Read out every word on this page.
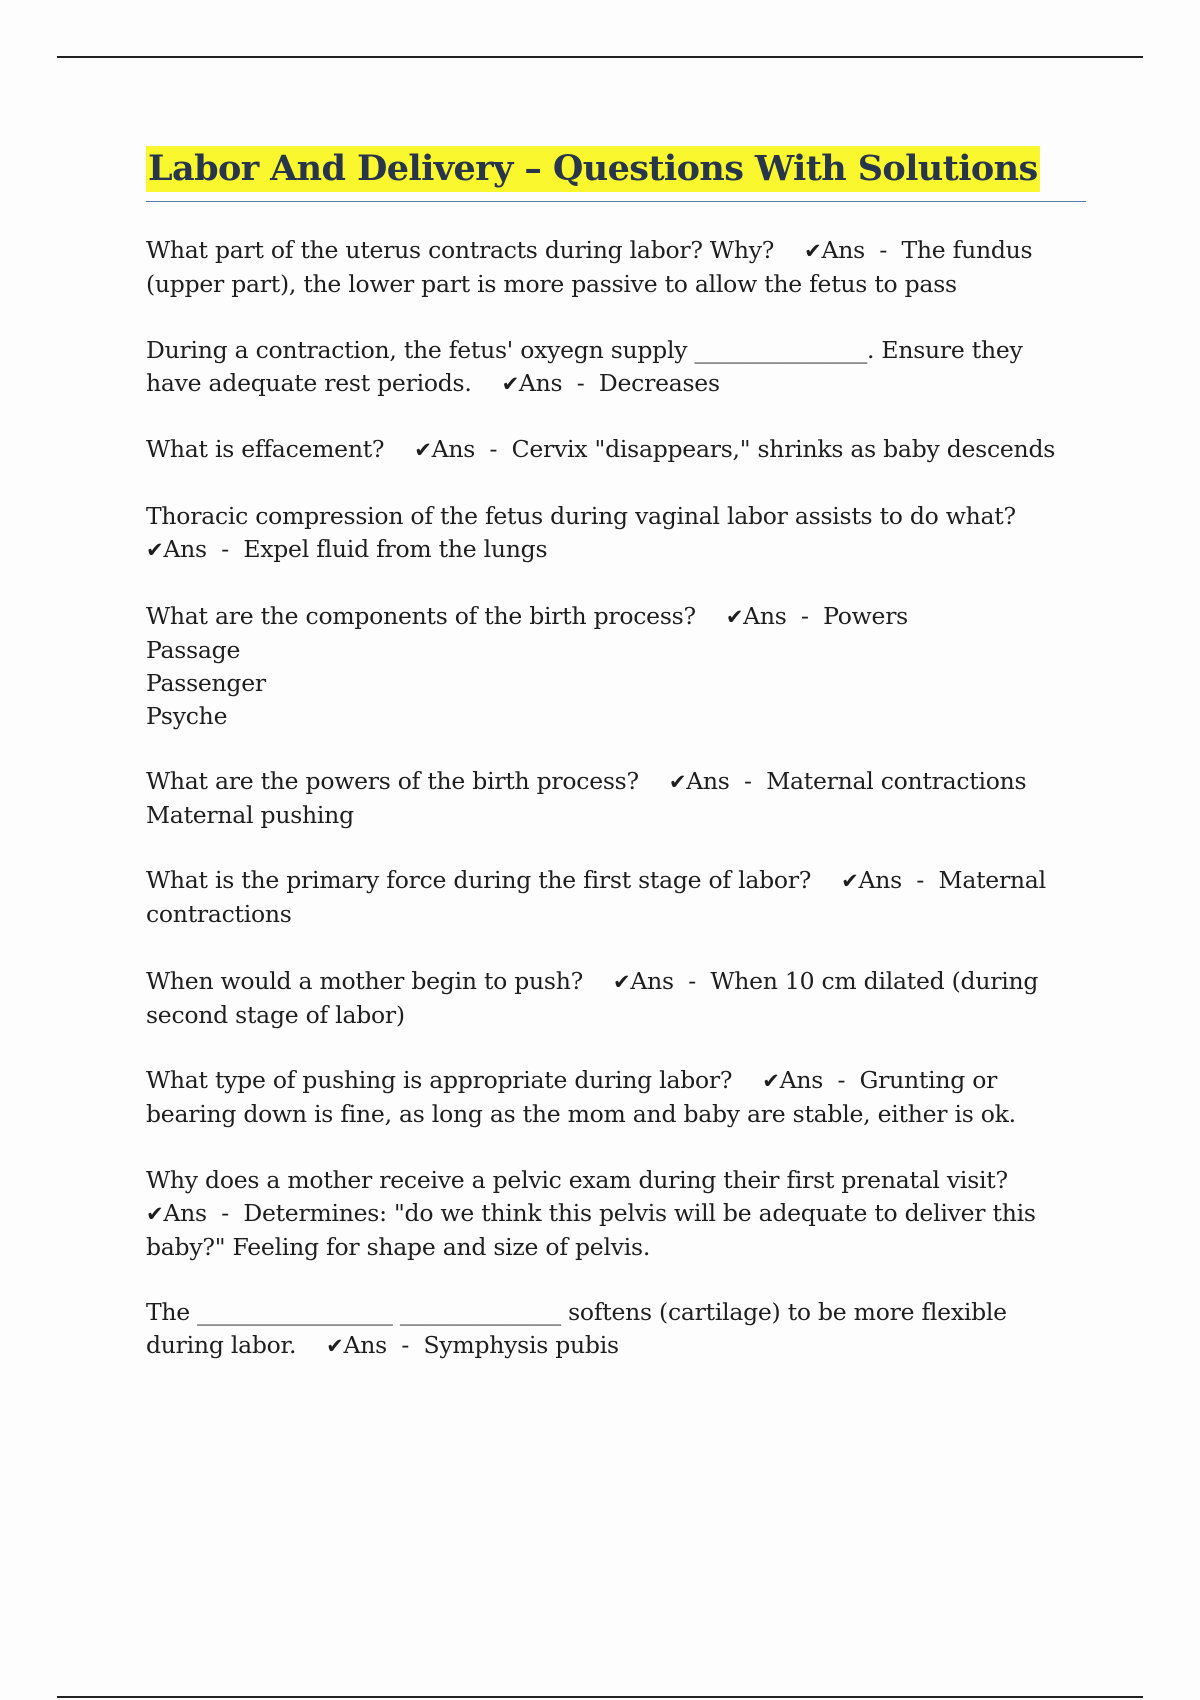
Labor And Delivery – Questions With Solutions
What part of the uterus contracts during labor? Why? ✔Ans  -  The fundus
(upper part), the lower part is more passive to allow the fetus to pass
During a contraction, the fetus' oxyegn supply _______________. Ensure they
have adequate rest periods. ✔Ans  -  Decreases
What is effacement? ✔Ans  -  Cervix "disappears," shrinks as baby descends
Thoracic compression of the fetus during vaginal labor assists to do what?
✔Ans  -  Expel fluid from the lungs
What are the components of the birth process? ✔Ans  -  Powers
Passage
Passenger
Psyche
What are the powers of the birth process? ✔Ans  -  Maternal contractions
Maternal pushing
What is the primary force during the first stage of labor? ✔Ans  -  Maternal
contractions
When would a mother begin to push? ✔Ans  -  When 10 cm dilated (during
second stage of labor)
What type of pushing is appropriate during labor? ✔Ans  -  Grunting or
bearing down is fine, as long as the mom and baby are stable, either is ok.
Why does a mother receive a pelvic exam during their first prenatal visit?
✔Ans  -  Determines: "do we think this pelvis will be adequate to deliver this
baby?" Feeling for shape and size of pelvis.
The _________________ ______________ softens (cartilage) to be more flexible
during labor. ✔Ans  -  Symphysis pubis
